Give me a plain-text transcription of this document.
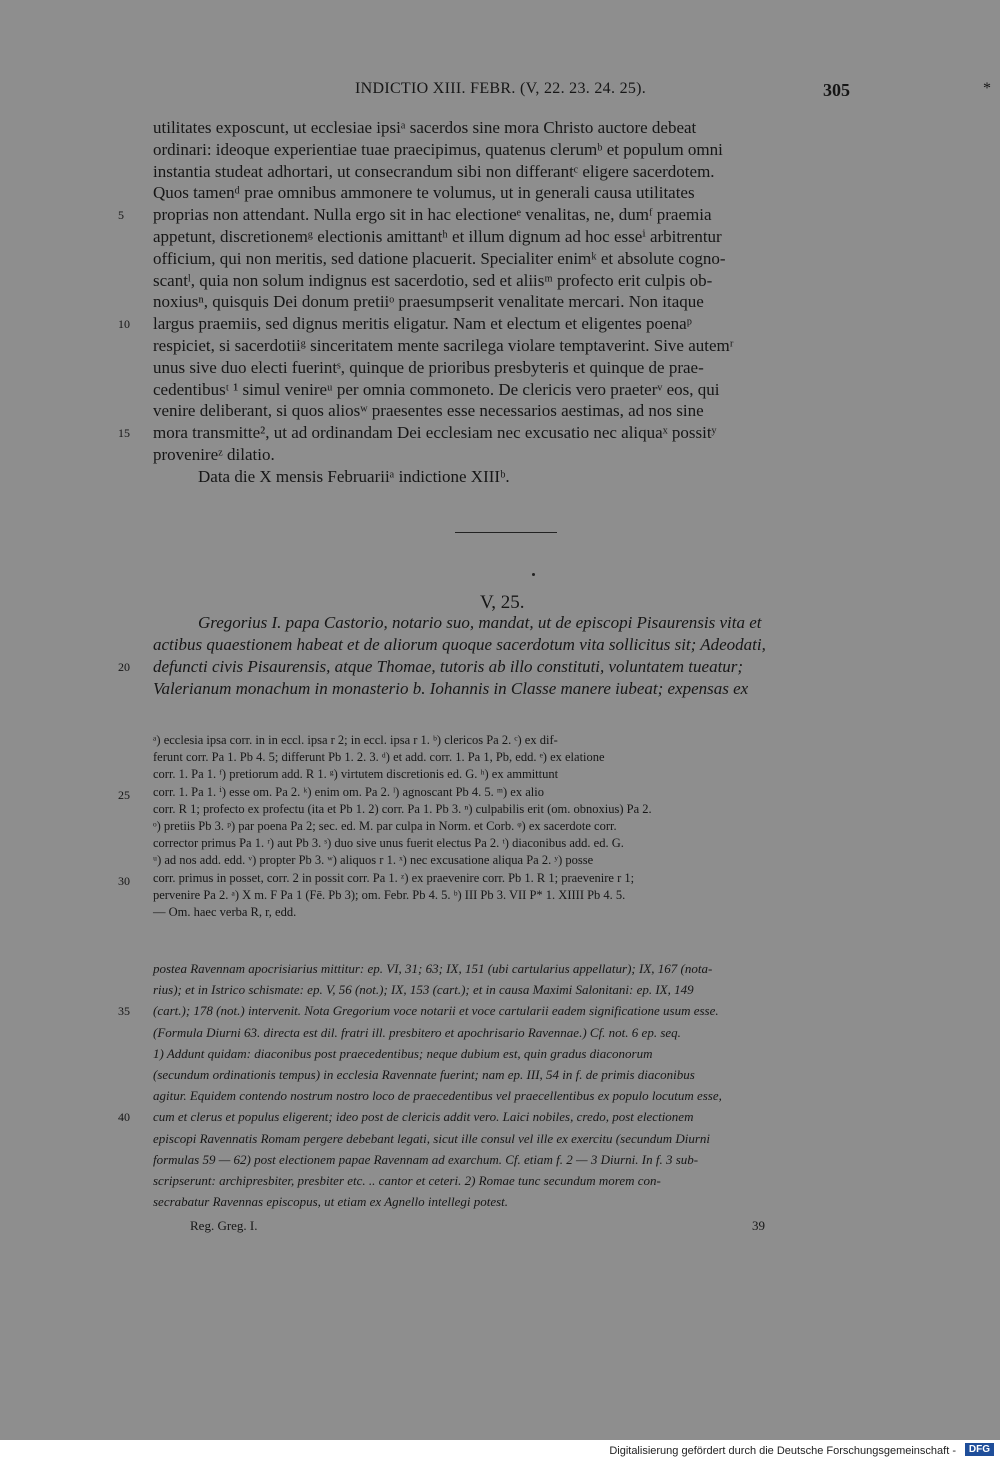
INDICTIO XIII. FEBR. (V, 22. 23. 24. 25).	305	*
utilitates exposcunt, ut ecclesiae ipsiᵃ sacerdos sine mora Christo auctore debeat
ordinari: ideoque experientiae tuae praecipimus, quatenus clerumᵇ et populum omni
instantia studeat adhortari, ut consecrandum sibi non differantᶜ eligere sacerdotem.
Quos tamenᵈ prae omnibus ammonere te volumus, ut in generali causa utilitates
proprias non attendant. Nulla ergo sit in hac electioneᵉ venalitas, ne, dumᶠ praemia
appetunt, discretionemᵍ electionis amittantʰ et illum dignum ad hoc esseⁱ arbitrentur
officium, qui non meritis, sed datione placuerit. Specialiter enimᵏ et absolute cogno-
scantˡ, quia non solum indignus est sacerdotio, sed et aliisᵐ profecto erit culpis ob-
noxiusⁿ, quisquis Dei donum pretiiᵒ praesumpserit venalitate mercari. Non itaque
largus praemiis, sed dignus meritis eligatur. Nam et electum et eligentes poenaᵖ
respiciet, si sacerdotiiᵍ sinceritatem mente sacrilega violare temptaverint. Sive autemʳ
unus sive duo electi fuerintˢ, quinque de prioribus presbyteris et quinque de prae-
cedentibusᵗ ¹ simul venireᵘ per omnia commoneto. De clericis vero praeterᵛ eos, qui
venire deliberant, si quos aliosʷ praesentes esse necessarios aestimas, ad nos sine
mora transmitte², ut ad ordinandam Dei ecclesiam nec excusatio nec aliquaˣ possitʸ
provenireᶻ dilatio.
Data die X mensis Februariiᵃ indictione XIIIᵇ.
5
10
15
V, 25.
Gregorius I. papa Castorio, notario suo, mandat, ut de episcopi Pisaurensis vita et
actibus quaestionem habeat et de aliorum quoque sacerdotum vita sollicitus sit; Adeodati,
defuncti civis Pisaurensis, atque Thomae, tutoris ab illo constituti, voluntatem tueatur;
Valerianum monachum in monasterio b. Iohannis in Classe manere iubeat; expensas ex
20
ᵃ) ecclesia ipsa corr. in in eccl. ipsa r 2; in eccl. ipsa r 1. ᵇ) clericos Pa 2. ᶜ) ex dif-
ferunt corr. Pa 1. Pb 4. 5; differunt Pb 1. 2. 3. ᵈ) et add. corr. 1. Pa 1, Pb, edd. ᵉ) ex elatione
corr. 1. Pa 1. ᶠ) pretiorum add. R 1. ᵍ) virtutem discretionis ed. G. ʰ) ex ammittunt
corr. 1. Pa 1. ⁱ) esse om. Pa 2. ᵏ) enim om. Pa 2. ˡ) agnoscant Pb 4. 5. ᵐ) ex alio
corr. R 1; profecto ex profectu (ita et Pb 1. 2) corr. Pa 1. Pb 3. ⁿ) culpabilis erit (om. obnoxius) Pa 2.
ᵒ) pretiis Pb 3. ᵖ) par poena Pa 2; sec. ed. M. par culpa in Norm. et Corb. ᵠ) ex sacerdote corr.
corrector primus Pa 1. ʳ) aut Pb 3. ˢ) duo sive unus fuerit electus Pa 2. ᵗ) diaconibus add. ed. G.
ᵘ) ad nos add. edd. ᵛ) propter Pb 3. ʷ) aliquos r 1. ˣ) nec excusatione aliqua Pa 2. ʸ) posse
corr. primus in posset, corr. 2 in possit corr. Pa 1. ᶻ) ex praevenire corr. Pb 1. R 1; praevenire r 1;
pervenire Pa 2. ᵃ) X m. F Pa 1 (Fē. Pb 3); om. Febr. Pb 4. 5. ᵇ) III Pb 3. VII P* 1. XIIII Pb 4. 5.
— Om. haec verba R, r, edd.
25
30
postea Ravennam apocrisiarius mittitur: ep. VI, 31; 63; IX, 151 (ubi cartularius appellatur); IX, 167 (nota-
rius); et in Istrico schismate: ep. V, 56 (not.); IX, 153 (cart.); et in causa Maximi Salonitani: ep. IX, 149
(cart.); 178 (not.) intervenit. Nota Gregorium voce notarii et voce cartularii eadem significatione usum esse.
(Formula Diurni 63. directa est dil. fratri ill. presbitero et apochrisario Ravennae.) Cf. not. 6 ep. seq.
1) Addunt quidam: diaconibus post praecedentibus; neque dubium est, quin gradus diaconorum
(secundum ordinationis tempus) in ecclesia Ravennate fuerint; nam ep. III, 54 in f. de primis diaconibus
agitur. Equidem contendo nostrum nostro loco de praecedentibus vel praecellentibus ex populo locutum esse,
cum et clerus et populus eligerent; ideo post de clericis addit vero. Laici nobiles, credo, post electionem
episcopi Ravennatis Romam pergere debebant legati, sicut ille consul vel ille ex exercitu (secundum Diurni
formulas 59 — 62) post electionem papae Ravennam ad exarchum. Cf. etiam f. 2 — 3 Diurni. In f. 3 sub-
scripserunt: archipresbiter, presbiter etc. .. cantor et ceteri. 2) Romae tunc secundum morem con-
secrabatur Ravennas episcopus, ut etiam ex Agnello intellegi potest.
35
40
Reg. Greg. I.	39
Digitalisierung gefördert durch die Deutsche Forschungsgemeinschaft -	DFG
